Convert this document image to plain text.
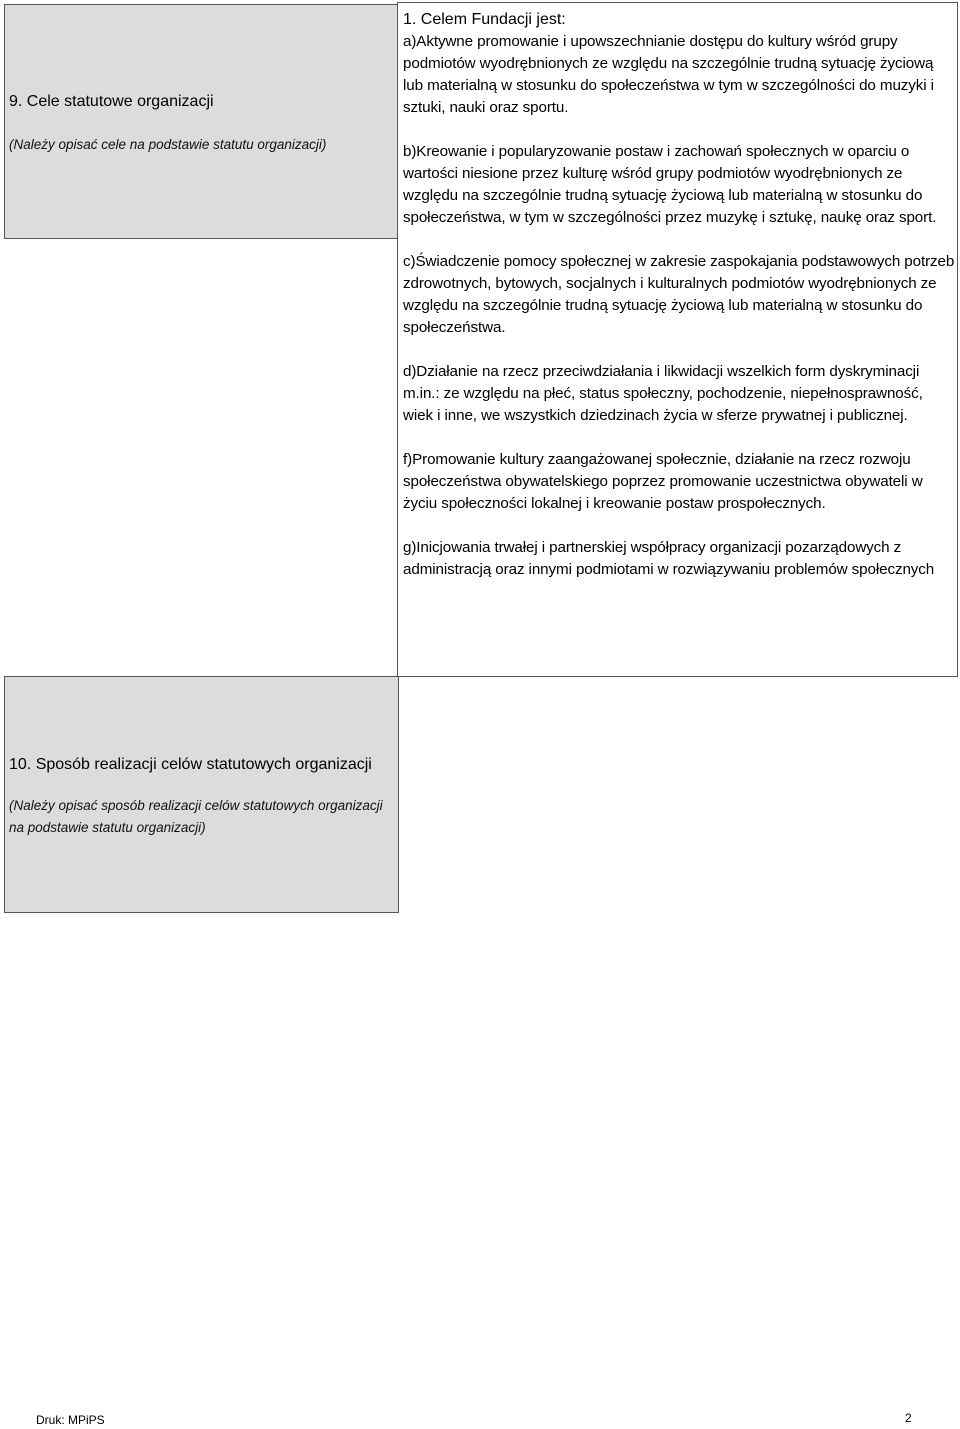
9. Cele statutowe organizacji
(Należy opisać cele na podstawie statutu organizacji)
1. Celem Fundacji jest:

a)Aktywne promowanie i upowszechnianie dostępu do kultury wśród grupy podmiotów wyodrębnionych ze względu na szczególnie trudną sytuację życiową lub materialną w stosunku do społeczeństwa w tym w szczególności do muzyki i sztuki, nauki oraz sportu.

b)Kreowanie i popularyzowanie postaw i zachowań społecznych w oparciu o wartości niesione przez kulturę wśród grupy podmiotów wyodrębnionych ze względu na szczególnie trudną sytuację życiową lub materialną w stosunku do społeczeństwa, w tym w szczególności przez muzykę i sztukę, naukę oraz sport.

c)Świadczenie pomocy społecznej w zakresie zaspokajania podstawowych potrzeb zdrowotnych, bytowych, socjalnych i kulturalnych podmiotów wyodrębnionych ze względu na szczególnie trudną sytuację życiową lub materialną w stosunku do społeczeństwa.

d)Działanie na rzecz przeciwdziałania i likwidacji wszelkich form dyskryminacji m.in.: ze względu na płeć, status społeczny, pochodzenie, niepełnosprawność, wiek i inne, we wszystkich dziedzinach życia w sferze prywatnej i publicznej.

f)Promowanie kultury zaangażowanej społecznie, działanie na rzecz rozwoju społeczeństwa obywatelskiego poprzez promowanie uczestnictwa obywateli w życiu społeczności lokalnej i kreowanie postaw prospołecznych.

g)Inicjowania trwałej i partnerskiej współpracy organizacji pozarządowych z administracją oraz innymi podmiotami w rozwiązywaniu problemów społecznych

10. Sposób realizacji celów statutowych organizacji
(Należy opisać sposób realizacji celów statutowych organizacji na podstawie statutu organizacji)
Druk: MPiPS	2
